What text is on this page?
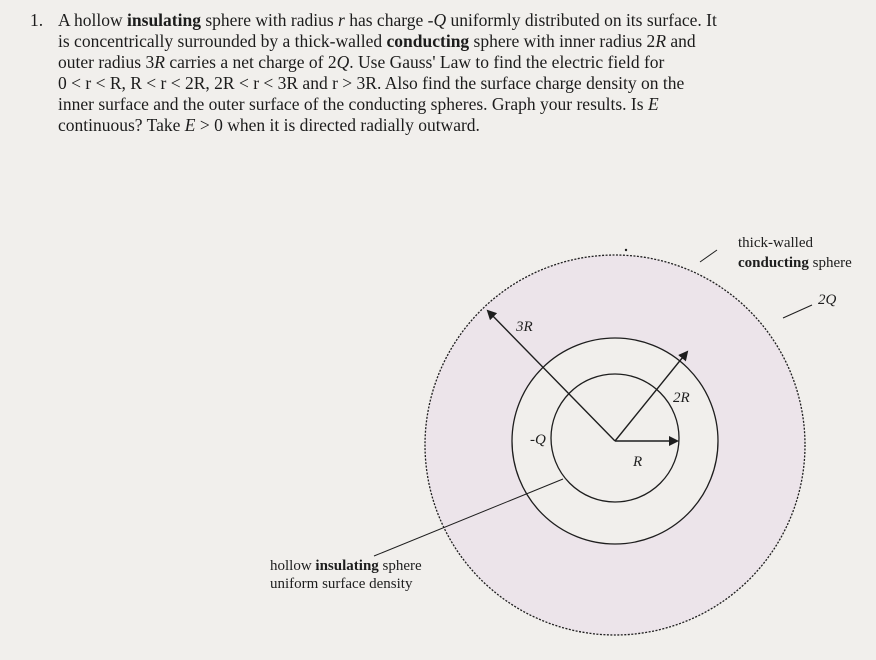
1. A hollow insulating sphere with radius r has charge -Q uniformly distributed on its surface. It
is concentrically surrounded by a thick-walled conducting sphere with inner radius 2R and
outer radius 3R carries a net charge of 2Q. Use Gauss' Law to find the electric field for
0 < r < R, R < r < 2R, 2R < r < 3R and r > 3R. Also find the surface charge density on the
inner surface and the outer surface of the conducting spheres. Graph your results. Is E
continuous? Take E > 0 when it is directed radially outward.
thick-walled
conducting sphere
2Q
3R
2R
R
-Q
hollow insulating sphere
uniform surface density
